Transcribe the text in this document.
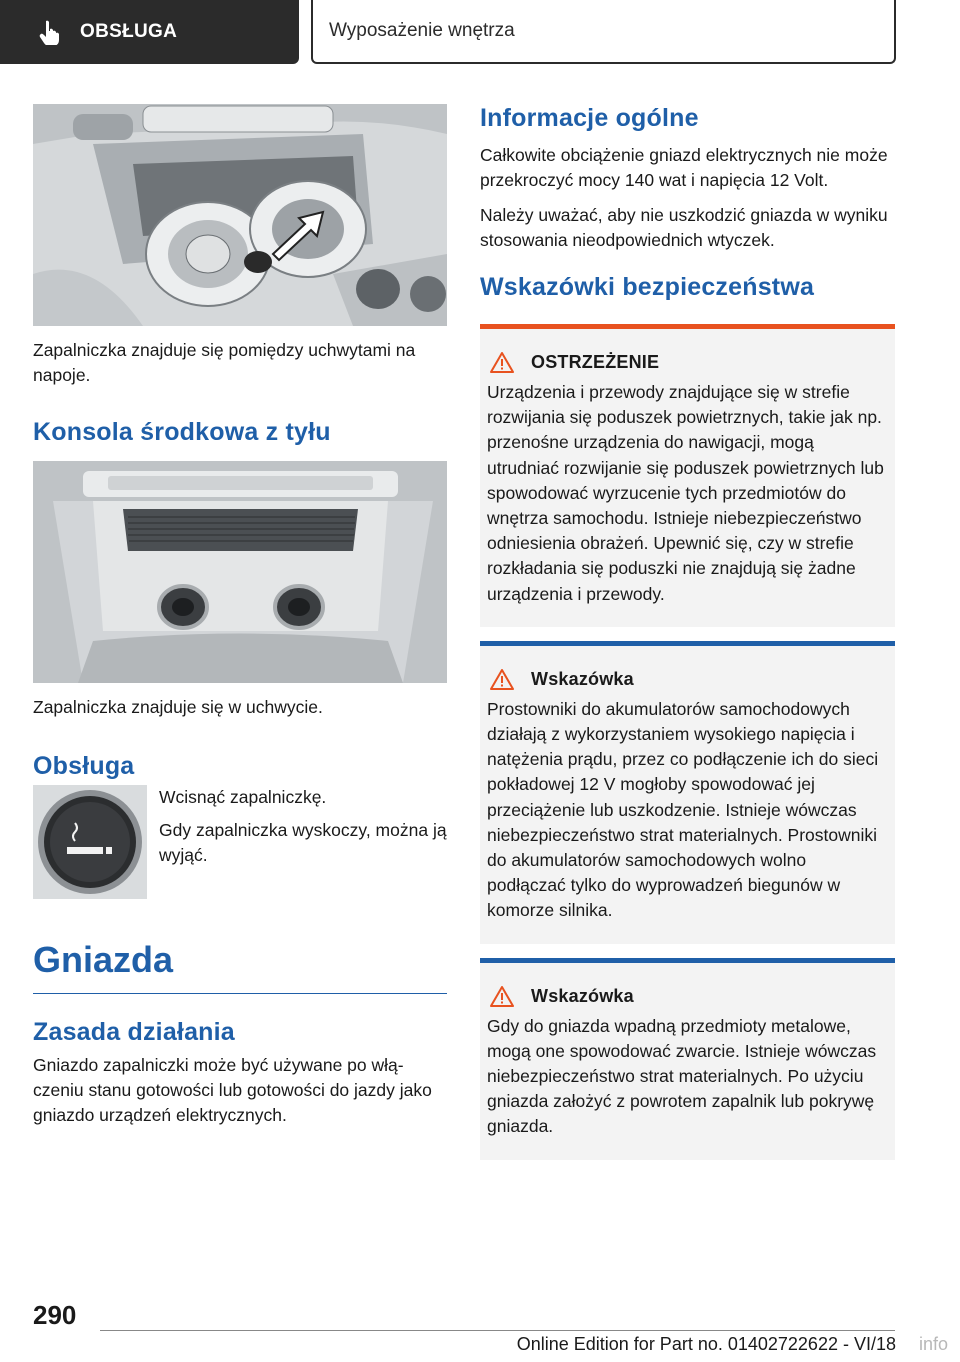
OBSŁUGA	Wyposażenie wnętrza

Zapalniczka znajduje się pomiędzy uchwytami na napoje.

Konsola środkowa z tyłu

Zapalniczka znajduje się w uchwycie.

Obsługa

Wcisnąć zapalniczkę.

Gdy zapalniczka wyskoczy, można ją wyjąć.

Gniazda
Zasada działania

Gniazdo zapalniczki może być używane po włączeniu stanu gotowości lub gotowości do jazdy jako gniazdo urządzeń elektrycznych.

Informacje ogólne

Całkowite obciążenie gniazd elektrycznych nie może przekroczyć mocy 140 wat i napięcia 12 Volt.

Należy uważać, aby nie uszkodzić gniazda w wyniku stosowania nieodpowiednich wtyczek.

Wskazówki bezpieczeństwa
OSTRZEŻENIE
Urządzenia i przewody znajdujące się w strefie rozwijania się poduszek powietrznych, takie jak np. przenośne urządzenia do nawigacji, mogą utrudniać rozwijanie się poduszek powietrznych lub spowodować wyrzucenie tych przedmiotów do wnętrza samochodu. Istnieje niebezpieczeństwo odniesienia obrażeń. Upewnić się, czy w strefie rozkładania się poduszki nie znajdują się żadne urządzenia i przewody.
Wskazówka
Prostowniki do akumulatorów samochodowych działają z wykorzystaniem wysokiego napięcia i natężenia prądu, przez co podłączenie ich do sieci pokładowej 12 V mogłoby spowodować jej przeciążenie lub uszkodzenie. Istnieje wówczas niebezpieczeństwo strat materialnych. Prostowniki do akumulatorów samochodowych wolno podłączać tylko do wyprowadzeń biegunów w komorze silnika.
Wskazówka
Gdy do gniazda wpadną przedmioty metalowe, mogą one spowodować zwarcie. Istnieje wówczas niebezpieczeństwo strat materialnych. Po użyciu gniazda założyć z powrotem zapalnik lub pokrywę gniazda.
290
Online Edition for Part no. 01402722622 - VI/18 info
